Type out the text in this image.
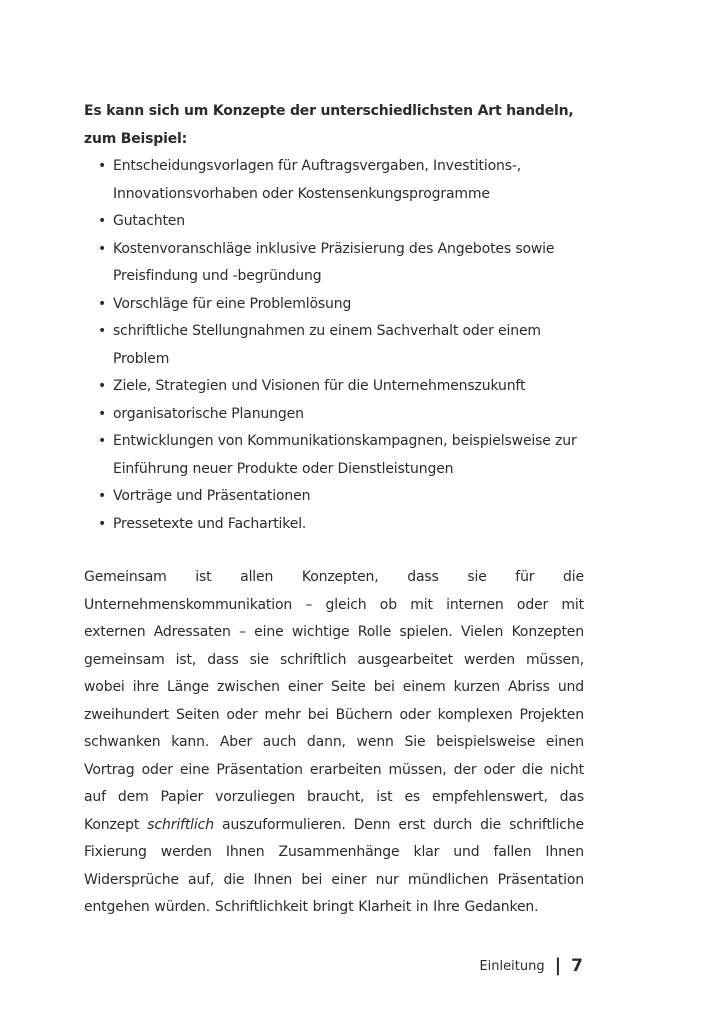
Es kann sich um Konzepte der unterschiedlichsten Art handeln, zum Beispiel:

• Entscheidungsvorlagen für Auftragsvergaben, Investitions-, Innovationsvorhaben oder Kostensenkungsprogramme
• Gutachten
• Kostenvoranschläge inklusive Präzisierung des Angebotes sowie Preisfindung und -begründung
• Vorschläge für eine Problemlösung
• schriftliche Stellungnahmen zu einem Sachverhalt oder einem Problem
• Ziele, Strategien und Visionen für die Unternehmenszukunft
• organisatorische Planungen
• Entwicklungen von Kommunikationskampagnen, beispielsweise zur Einführung neuer Produkte oder Dienstleistungen
• Vorträge und Präsentationen
• Pressetexte und Fachartikel.

Gemeinsam ist allen Konzepten, dass sie für die Unternehmenskommunikation – gleich ob mit internen oder mit externen Adressaten – eine wichtige Rolle spielen. Vielen Konzepten gemeinsam ist, dass sie schriftlich ausgearbeitet werden müssen, wobei ihre Länge zwischen einer Seite bei einem kurzen Abriss und zweihundert Seiten oder mehr bei Büchern oder komplexen Projekten schwanken kann. Aber auch dann, wenn Sie beispielsweise einen Vortrag oder eine Präsentation erarbeiten müssen, der oder die nicht auf dem Papier vorzuliegen braucht, ist es empfehlenswert, das Konzept schriftlich auszuformulieren. Denn erst durch die schriftliche Fixierung werden Ihnen Zusammenhänge klar und fallen Ihnen Widersprüche auf, die Ihnen bei einer nur mündlichen Präsentation entgehen würden. Schriftlichkeit bringt Klarheit in Ihre Gedanken.

Einleitung | 7
